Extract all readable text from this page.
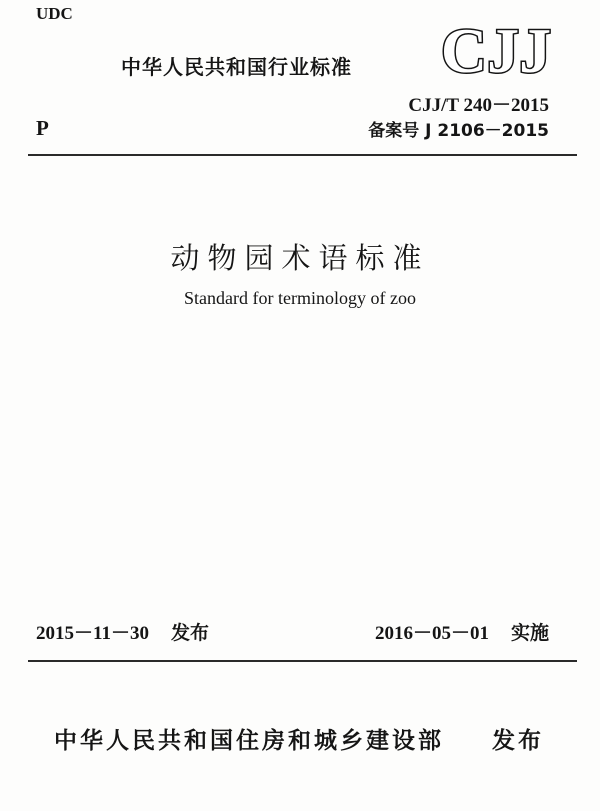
UDC
中华人民共和国行业标准 CJJ
P
CJJ/T 240－2015
备案号 J 2106－2015
动物园术语标准
Standard for terminology of zoo
2015－11－30 发布	2016－05－01 实施
中华人民共和国住房和城乡建设部 发布
